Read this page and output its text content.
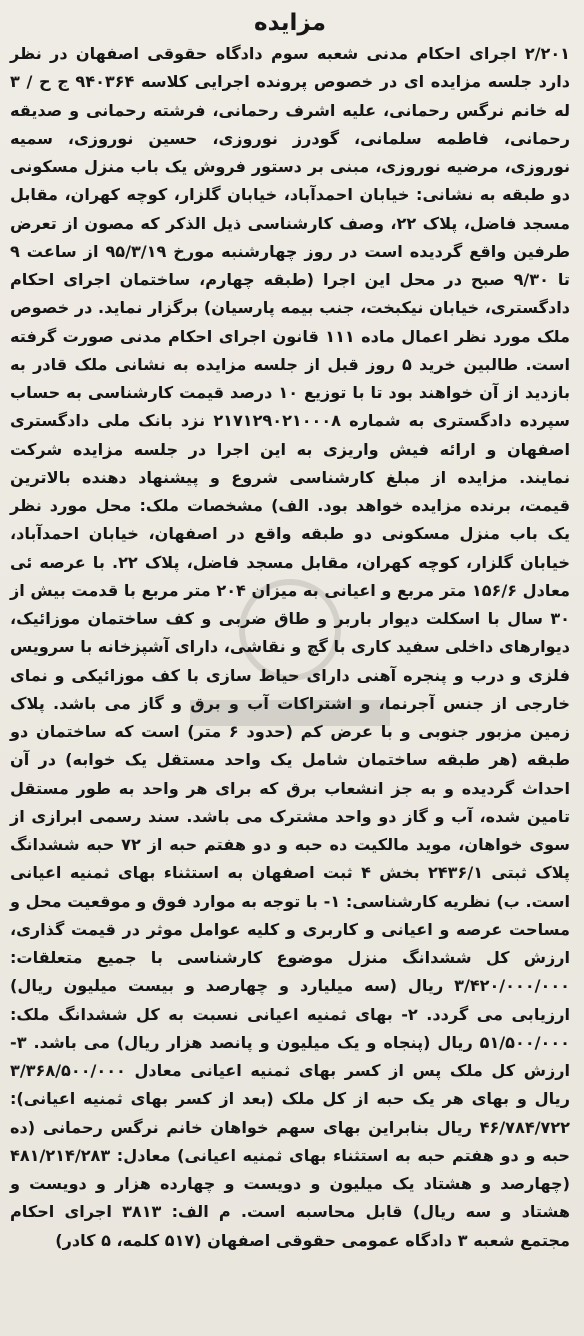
مزایده
۲/۲۰۱ اجرای احکام مدنی شعبه سوم دادگاه حقوقی اصفهان در نظر دارد جلسه مزایده ای در خصوص پرونده اجرایی کلاسه ۹۴۰۳۶۴ ج ح / ۳ له خانم نرگس رحمانی، علیه اشرف رحمانی، فرشته رحمانی و صدیقه رحمانی، فاطمه سلمانی، گودرز نوروزی، حسین نوروزی، سمیه نوروزی، مرضیه نوروزی، مبنی بر دستور فروش یک باب منزل مسکونی دو طبقه به نشانی: خیابان احمدآباد، خیابان گلزار، کوچه کهران، مقابل مسجد فاضل، پلاک ۲۲، وصف کارشناسی ذیل الذکر که مصون از تعرض طرفین واقع گردیده است در روز چهارشنبه مورخ ۹۵/۳/۱۹ از ساعت ۹ تا ۹/۳۰ صبح در محل این اجرا (طبقه چهارم، ساختمان اجرای احکام دادگستری، خیابان نیکبخت، جنب بیمه پارسیان) برگزار نماید. در خصوص ملک مورد نظر اعمال ماده ۱۱۱ قانون اجرای احکام مدنی صورت گرفته است. طالبین خرید ۵ روز قبل از جلسه مزایده به نشانی ملک قادر به بازدید از آن خواهند بود تا با توزیع ۱۰ درصد قیمت کارشناسی به حساب سپرده دادگستری به شماره ۲۱۷۱۲۹۰۲۱۰۰۰۸ نزد بانک ملی دادگستری اصفهان و ارائه فیش واریزی به این اجرا در جلسه مزایده شرکت نمایند. مزایده از مبلغ کارشناسی شروع و پیشنهاد دهنده بالاترین قیمت، برنده مزایده خواهد بود. الف) مشخصات ملک: محل مورد نظر یک باب منزل مسکونی دو طبقه واقع در اصفهان، خیابان احمدآباد، خیابان گلزار، کوچه کهران، مقابل مسجد فاضل، پلاک ۲۲. با عرصه ئی معادل ۱۵۶/۶ متر مربع و اعیانی به میزان ۲۰۴ متر مربع با قدمت بیش از ۳۰ سال با اسکلت دیوار باربر و طاق ضربی و کف ساختمان موزائیک، دیوارهای داخلی سفید کاری با گچ و نقاشی، دارای آشپزخانه با سرویس فلزی و درب و پنجره آهنی دارای حیاط سازی با کف موزائیکی و نمای خارجی از جنس آجرنما، و اشتراکات آب و برق و گاز می باشد. پلاک زمین مزبور جنوبی و با عرض کم (حدود ۶ متر) است که ساختمان دو طبقه (هر طبقه ساختمان شامل یک واحد مستقل یک خوابه) در آن احداث گردیده و به جز انشعاب برق که برای هر واحد به طور مستقل تامین شده، آب و گاز دو واحد مشترک می باشد. سند رسمی ابرازی از سوی خواهان، موید مالکیت ده حبه و دو هفتم حبه از ۷۲ حبه ششدانگ پلاک ثبتی ۲۴۳۶/۱ بخش ۴ ثبت اصفهان به استثناء بهای ثمنیه اعیانی است. ب) نظریه کارشناسی: ۱- با توجه به موارد فوق و موقعیت محل و مساحت عرصه و اعیانی و کاربری و کلیه عوامل موثر در قیمت گذاری، ارزش کل ششدانگ منزل موضوع کارشناسی با جمیع متعلقات: ۳/۴۲۰/۰۰۰/۰۰۰ ریال (سه میلیارد و چهارصد و بیست میلیون ریال) ارزیابی می گردد. ۲- بهای ثمنیه اعیانی نسبت به کل ششدانگ ملک: ۵۱/۵۰۰/۰۰۰ ریال (پنجاه و یک میلیون و پانصد هزار ریال) می باشد. ۳- ارزش کل ملک پس از کسر بهای ثمنیه اعیانی معادل ۳/۳۶۸/۵۰۰/۰۰۰ ریال و بهای هر یک حبه از کل ملک (بعد از کسر بهای ثمنیه اعیانی): ۴۶/۷۸۴/۷۲۲ ریال بنابراین بهای سهم خواهان خانم نرگس رحمانی (ده حبه و دو هفتم حبه به استثناء بهای ثمنیه اعیانی) معادل: ۴۸۱/۲۱۴/۲۸۳ (چهارصد و هشتاد یک میلیون و دویست و چهارده هزار و دویست و هشتاد و سه ریال) قابل محاسبه است. م الف: ۳۸۱۳ اجرای احکام مجتمع شعبه ۳ دادگاه عمومی حقوقی اصفهان (۵۱۷ کلمه، ۵ کادر)
